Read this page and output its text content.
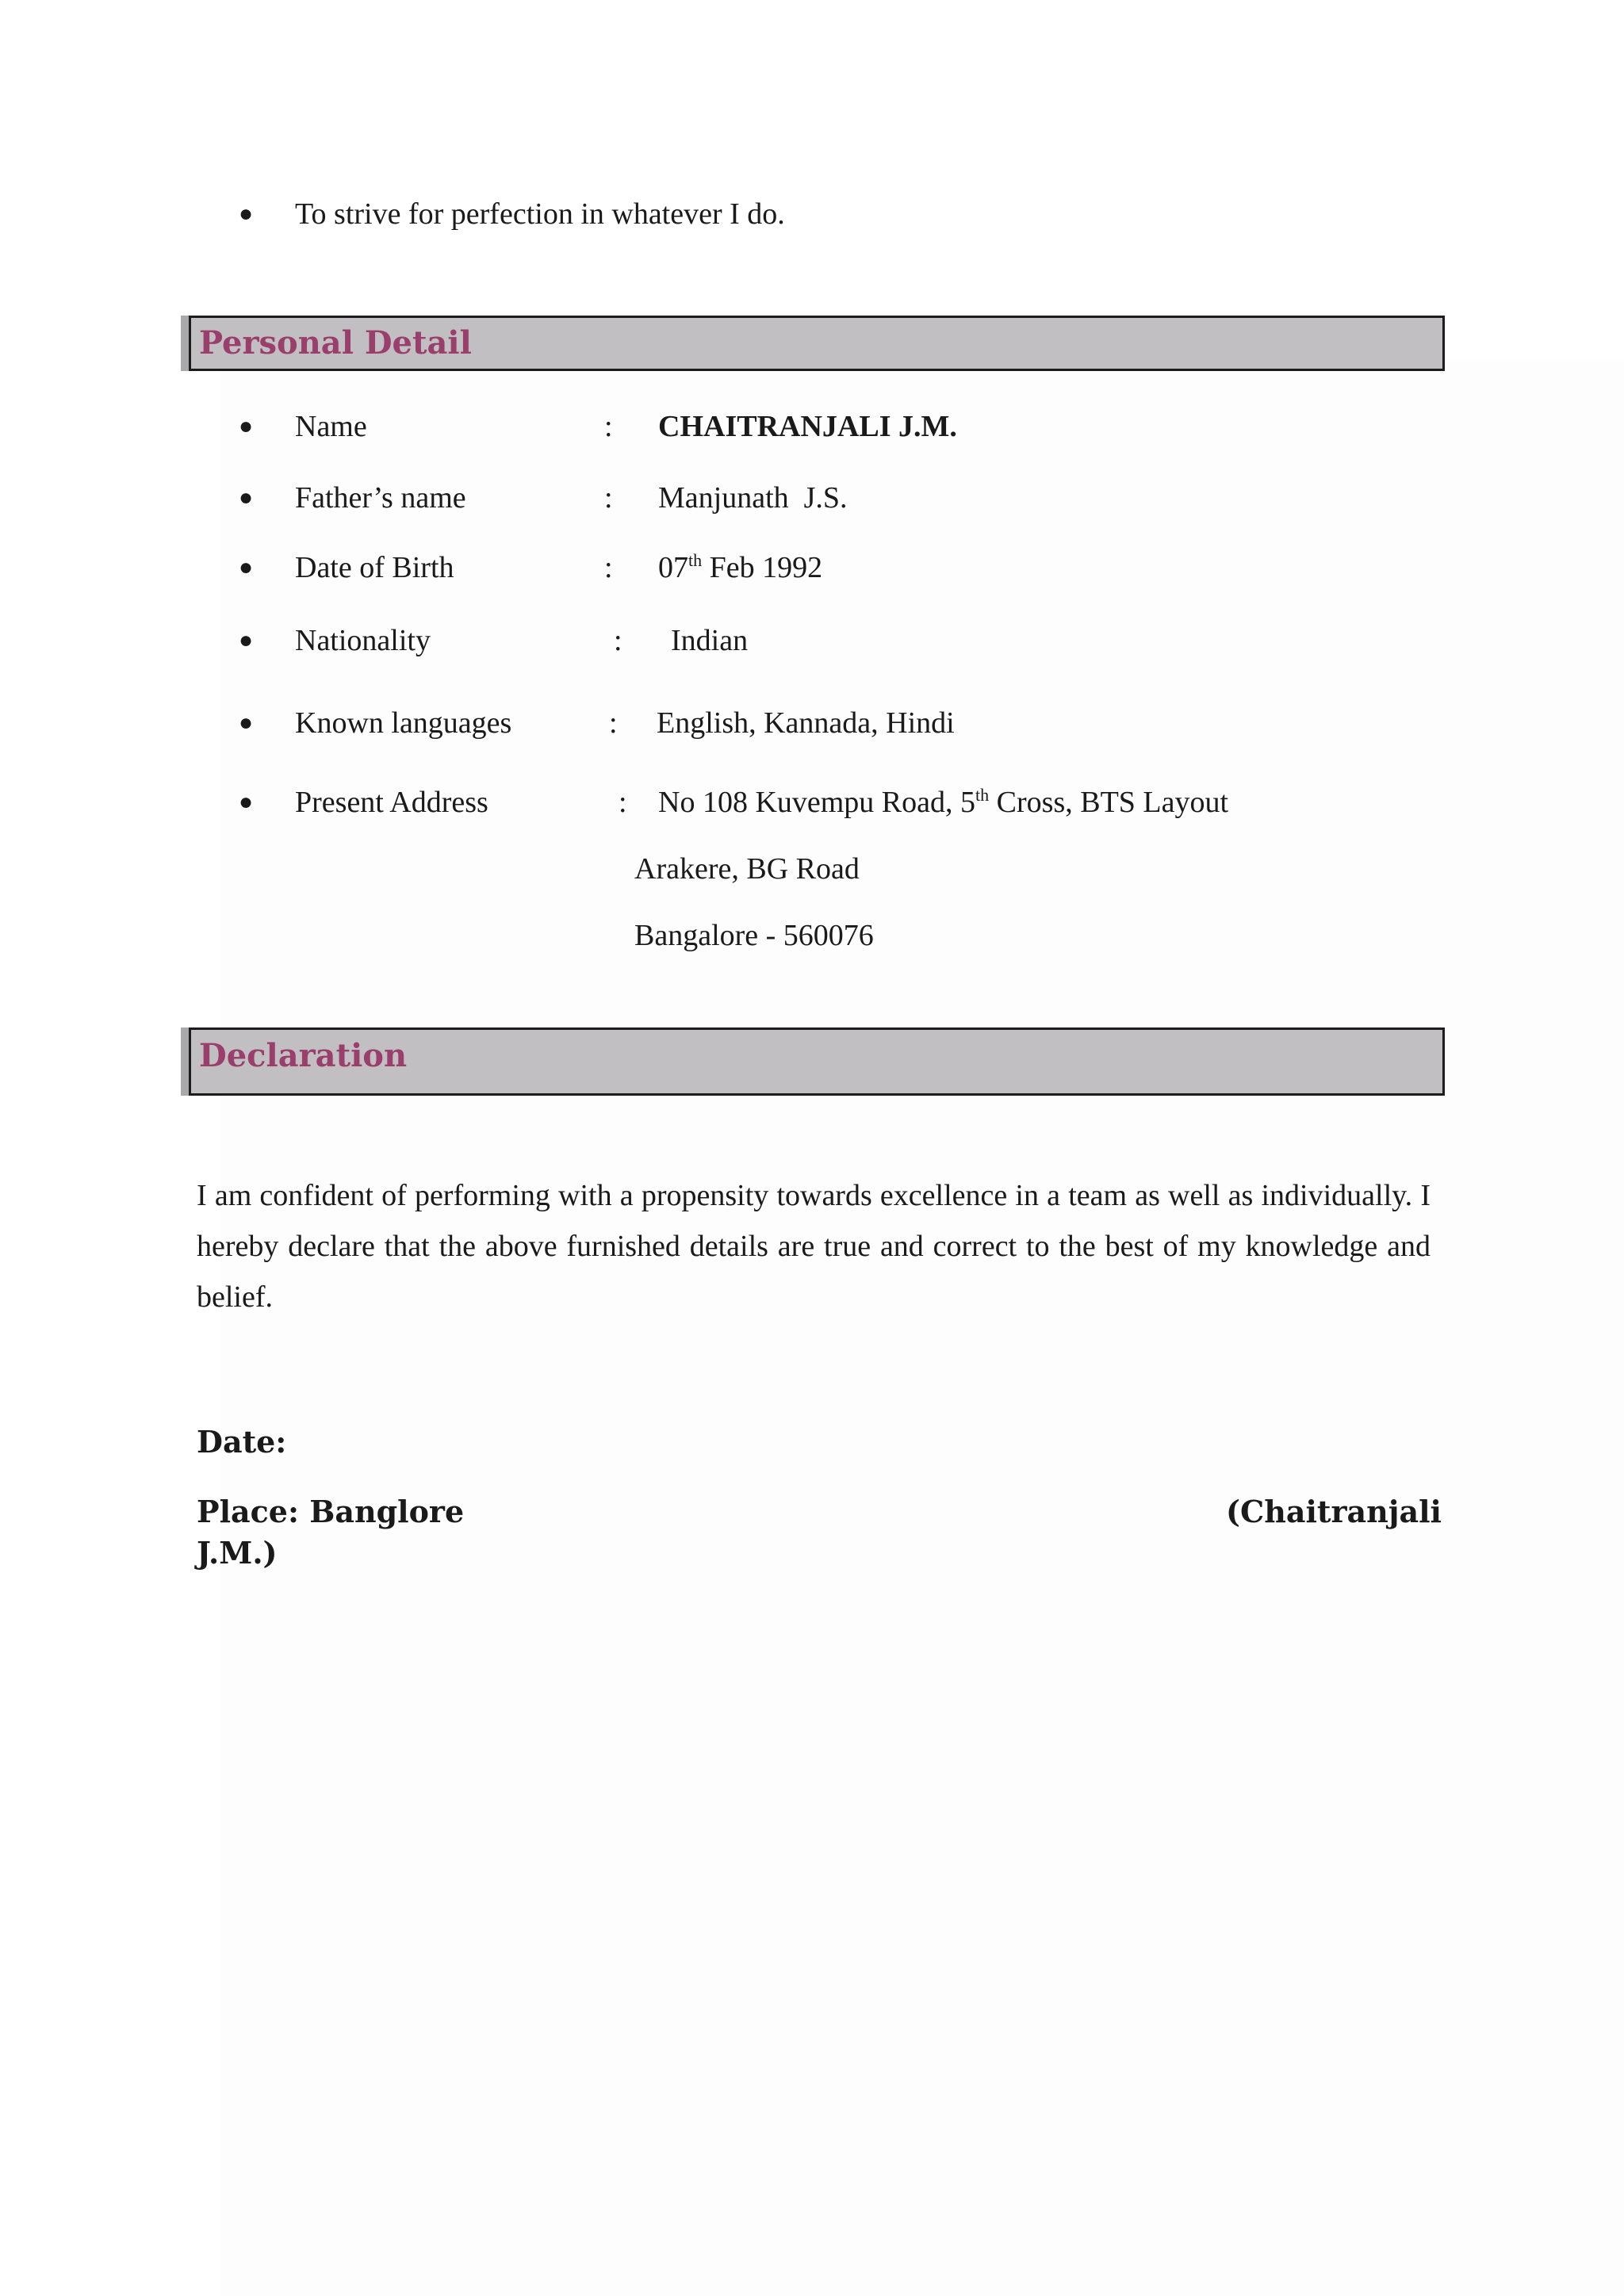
● To strive for perfection in whatever I do.
Personal Detail
● Name	: CHAITRANJALI J.M.
● Father’s name	: Manjunath  J.S.
● Date of Birth	: 07th Feb 1992
● Nationality	: Indian
● Known languages	: English, Kannada, Hindi
● Present Address	: No 108 Kuvempu Road, 5th Cross, BTS Layout
Arakere, BG Road
Bangalore - 560076
Declaration
I am confident of performing with a propensity towards excellence in a team as well as individually. I hereby declare that the above furnished details are true and correct to the best of my knowledge and belief.
Date:
Place: Banglore	(Chaitranjali
J.M.)
